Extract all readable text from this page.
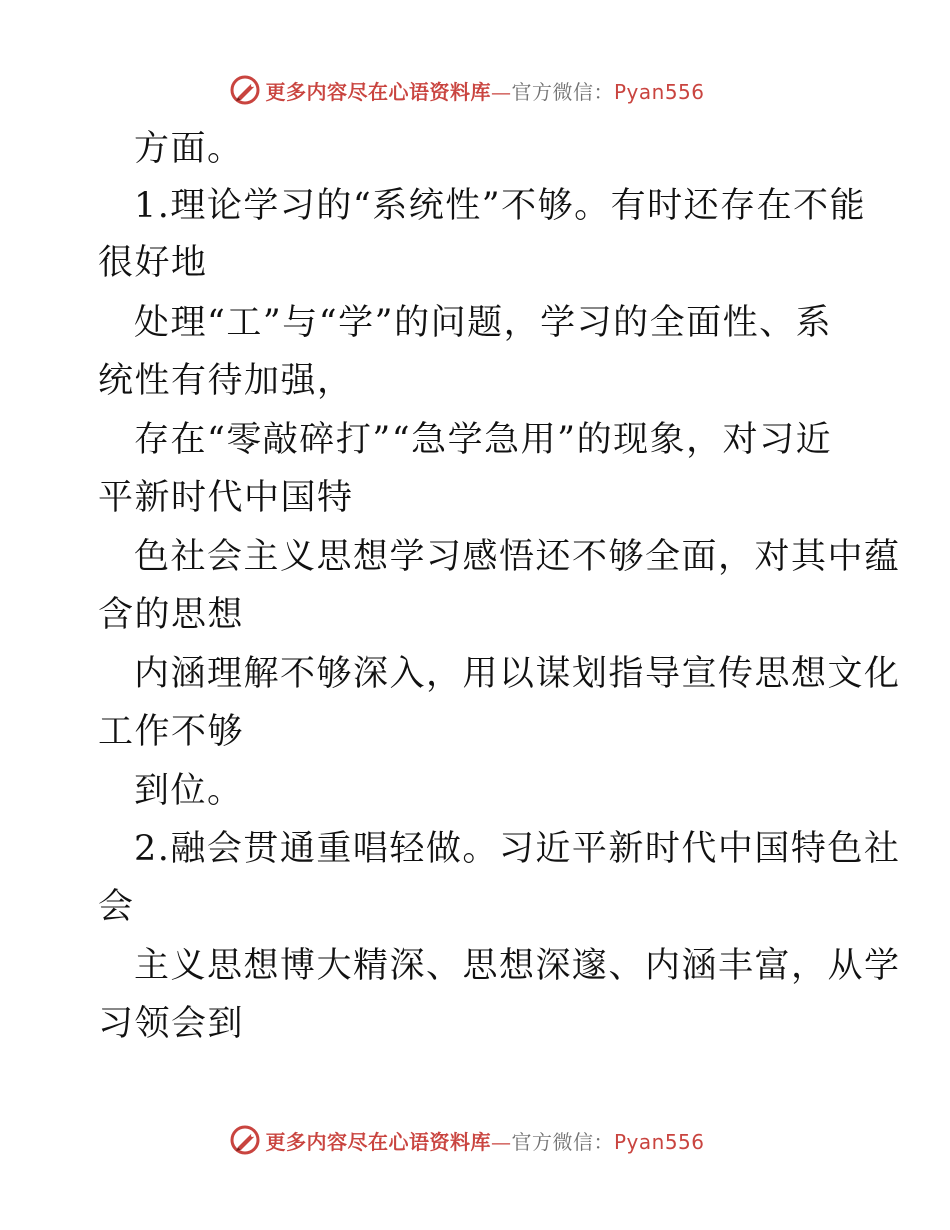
更多内容尽在心语资料库—官方微信：Pyan556
方面。
1.理论学习的“系统性”不够。有时还存在不能
很好地
处理“工”与“学”的问题，学习的全面性、系
统性有待加强，
存在“零敲碎打”“急学急用”的现象，对习近
平新时代中国特
色社会主义思想学习感悟还不够全面，对其中蕴
含的思想
内涵理解不够深入，用以谋划指导宣传思想文化
工作不够
到位。
2.融会贯通重唱轻做。习近平新时代中国特色社
会
主义思想博大精深、思想深邃、内涵丰富，从学
习领会到
更多内容尽在心语资料库—官方微信：Pyan556
